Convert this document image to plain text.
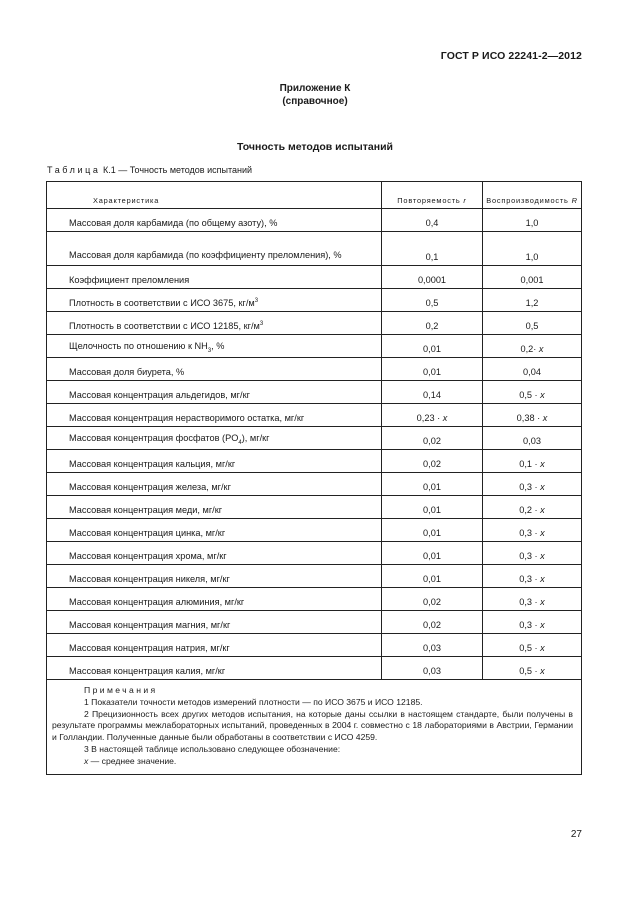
ГОСТ Р ИСО 22241-2—2012
Приложение К
(справочное)
Точность методов испытаний
Таблица К.1 — Точность методов испытаний
Характеристика	Повторяемость r	Воспроизводимость R
Массовая доля карбамида (по общему азоту), %	0,4	1,0
Массовая доля карбамида (по коэффициенту преломления), %	0,1	1,0
Коэффициент преломления	0,0001	0,001
Плотность в соответствии с ИСО 3675, $кг/м^3$	0,5	1,2
Плотность в соответствии с ИСО 12185, $кг/м^3$	0,2	0,5
Щелочность по отношению к $NH_3$, %	0,01	0,2· x
Массовая доля биурета, %	0,01	0,04
Массовая концентрация альдегидов, мг/кг	0,14	0,5 · x
Массовая концентрация нерастворимого остатка, мг/кг	0,23 · x	0,38 · x
Массовая концентрация фосфатов $(PO_4)$, мг/кг	0,02	0,03
Массовая концентрация кальция, мг/кг	0,02	0,1 · x
Массовая концентрация железа, мг/кг	0,01	0,3 · x
Массовая концентрация меди, мг/кг	0,01	0,2 · x
Массовая концентрация цинка, мг/кг	0,01	0,3 · x
Массовая концентрация хрома, мг/кг	0,01	0,3 · x
Массовая концентрация никеля, мг/кг	0,01	0,3 · x
Массовая концентрация алюминия, мг/кг	0,02	0,3 · x
Массовая концентрация магния, мг/кг	0,02	0,3 · x
Массовая концентрация натрия, мг/кг	0,03	0,5 · x
Массовая концентрация калия, мг/кг	0,03	0,5 · x

Примечания
1 Показатели точности методов измерений плотности — по ИСО 3675 и ИСО 12185.
2 Прецизионность всех других методов испытания, на которые даны ссылки в настоящем стандарте, были получены в результате программы межлабораторных испытаний, проведенных в 2004 г. совместно с 18 лабораториями в Австрии, Германии и Голландии. Полученные данные были обработаны в соответствии с ИСО 4259.
3 В настоящей таблице использовано следующее обозначение:
x — среднее значение.		
27
